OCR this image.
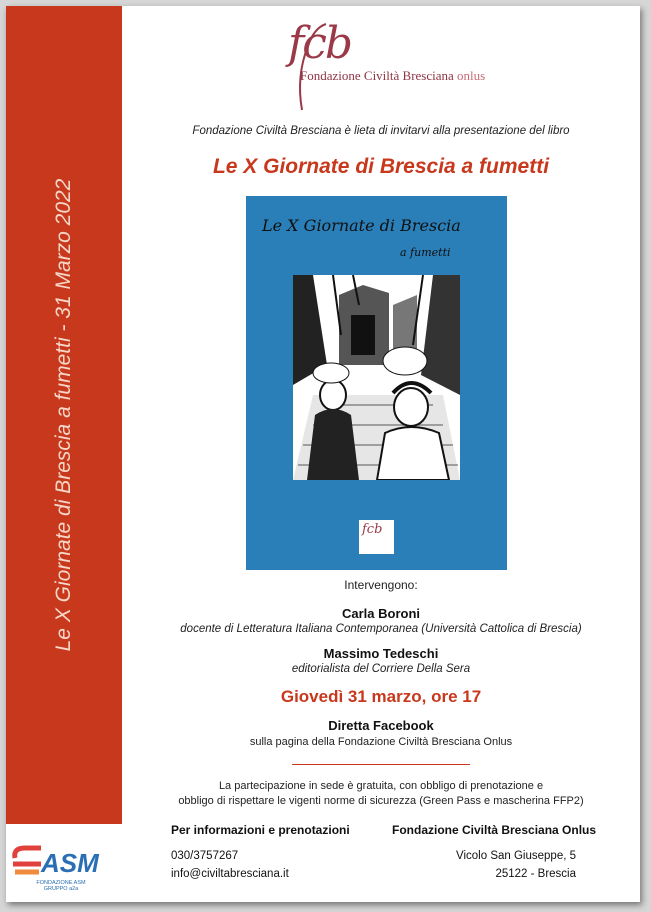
Le X Giornate di Brescia a fumetti - 31 Marzo 2022
ASM
FONDAZIONE ASM
GRUPPO a2a
fcb
Fondazione Civiltà Bresciana onlus
Fondazione Civiltà Bresciana è lieta di invitarvi alla presentazione del libro
Le X Giornate di Brescia a fumetti
Le X Giornate di Brescia
a fumetti
fcb
Intervengono:
Carla Boroni
docente di Letteratura Italiana Contemporanea (Università Cattolica di Brescia)
Massimo Tedeschi
editorialista del Corriere Della Sera
Giovedì 31 marzo, ore 17
Diretta Facebook
sulla pagina della Fondazione Civiltà Bresciana Onlus
La partecipazione in sede è gratuita, con obbligo di prenotazione e
obbligo di rispettare le vigenti norme di sicurezza (Green Pass e mascherina FFP2)
Per informazioni e prenotazioni
030/3757267
info@civiltabresciana.it
Fondazione Civiltà Bresciana Onlus
Vicolo San Giuseppe, 5
25122 - Brescia
